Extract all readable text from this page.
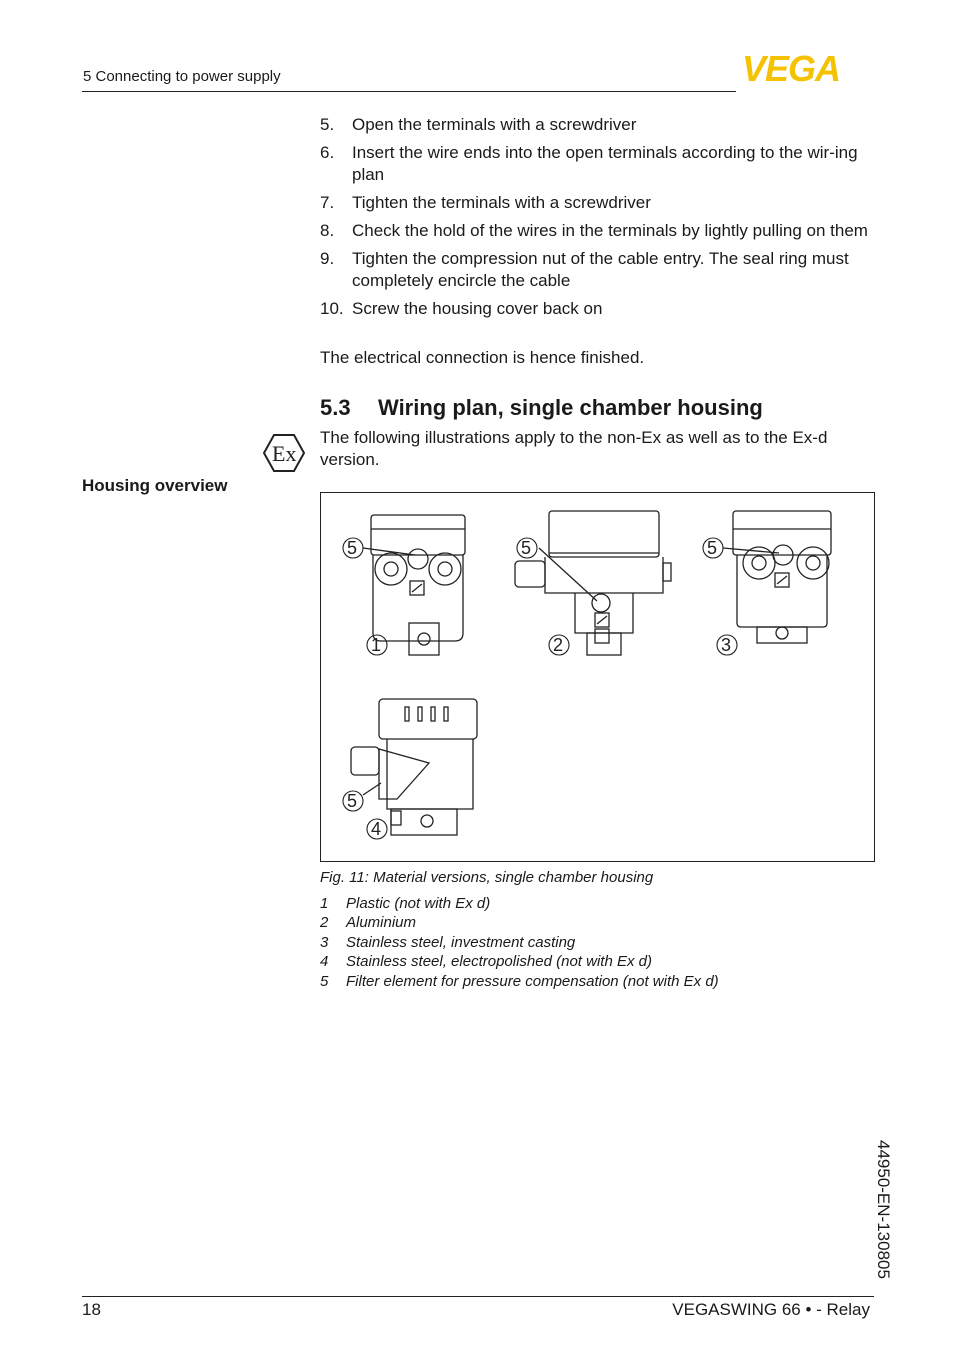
5 Connecting to power supply	VEGA
5.	Open the terminals with a screwdriver
6.	Insert the wire ends into the open terminals according to the wir-ing plan
7.	Tighten the terminals with a screwdriver
8.	Check the hold of the wires in the terminals by lightly pulling on them
9.	Tighten the compression nut of the cable entry. The seal ring must completely encircle the cable
10. Screw the housing cover back on
The electrical connection is hence finished.
5.3 Wiring plan, single chamber housing
Ex
The following illustrations apply to the non-Ex as well as to the Ex-d version.
Housing overview
5	5	5
5
1	2	3
4
Fig. 11: Material versions, single chamber housing
1	Plastic (not with Ex d)
2	Aluminium
3	Stainless steel, investment casting
4	Stainless steel, electropolished (not with Ex d)
5	Filter element for pressure compensation (not with Ex d)
44950-EN-130805
18	VEGASWING 66 • - Relay
